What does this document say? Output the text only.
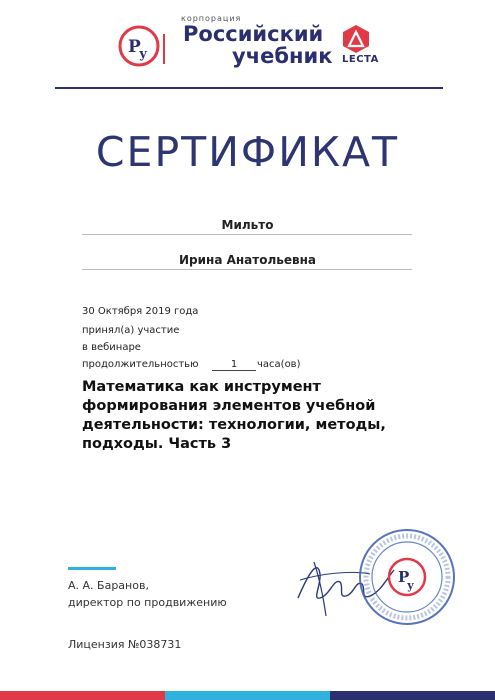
Р
у
корпорация
Российский
учебник LECTA
СЕРТИФИКАТ
Мильто
Ирина Анатольевна
30 Октября 2019 года
принял(а) участие
в вебинаре
продолжительностью	1	часа(ов)
Математика как инструмент формирования элементов учебной деятельности: технологии, методы, подходы. Часть 3
Р
у
А. А. Баранов,
директор по продвижению
Лицензия №038731
